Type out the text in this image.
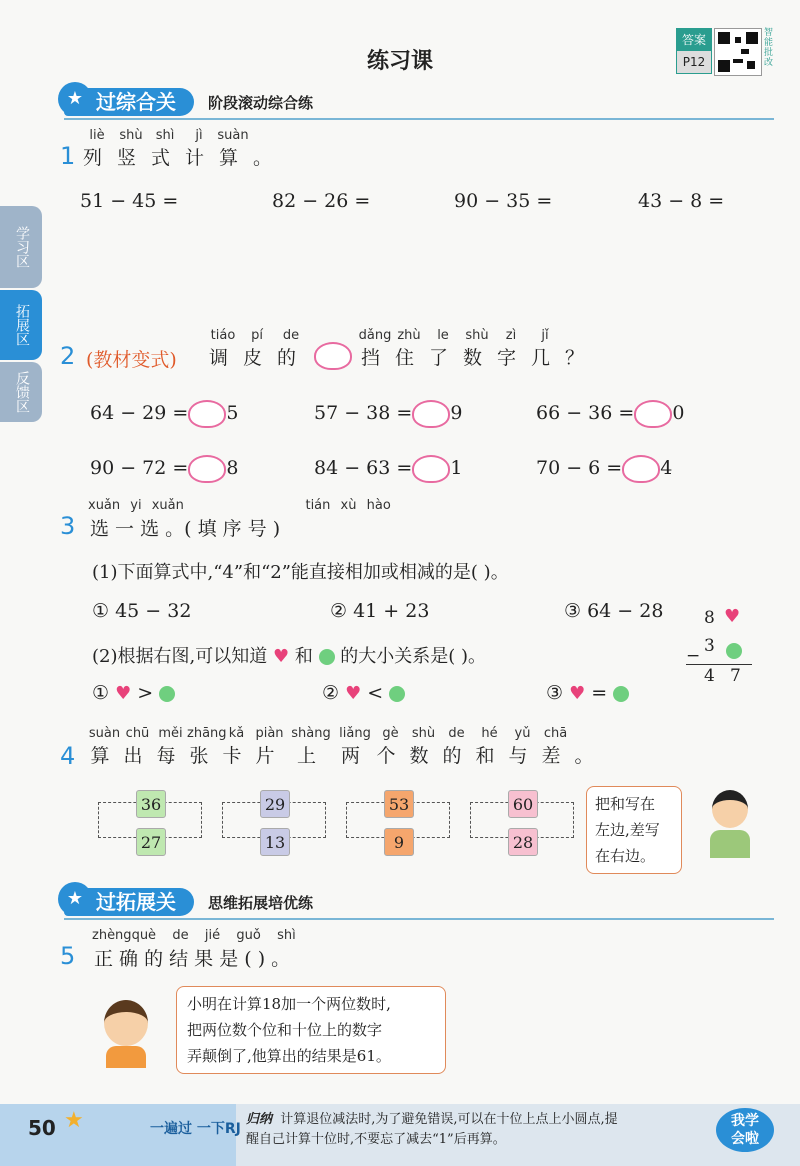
练习课
答案
P12
智能批改
学习区
拓展区
反馈区
过综合关	阶段滚动综合练
★
1
liè
列
shù
竖
shì
式
jì
计
suàn
算
。
51 − 45 =	82 − 26 =	90 − 35 =	43 − 8 =
2 (教材变式)
tiáo
调
pí
皮
de
的
dǎng
挡
zhù
住
le
了
shù
数
zì
字
jǐ
几
？
64 − 29 = 5	57 − 38 = 9	66 − 36 = 0
90 − 72 = 8	84 − 63 = 1	70 − 6 = 4
3
xuǎn yi xuǎn	tián xù hào
选 一 选 。( 填 序 号 )
(1)下面算式中,“4”和“2”能直接相加或相减的是( )。
① 45 − 32	② 41 + 23	③ 64 − 28
(2)根据右图,可以知道 ♥ 和 的大小关系是( )。
① ♥ >	② ♥ <	③ ♥ =
8 ♥
3
−
4 7
4
suàn
算
chū
出
měi
每
zhāng
张
kǎ
卡
piàn
片
shàng
上
liǎng
两
gè
个
shù
数
de
的
hé
和
yǔ
与
chā
差
。
36
27
29
13
53
9
60
28
把和写在
左边,差写
在右边。
过拓展关	思维拓展培优练
★
5
zhèngquè de jié guǒ shì
正 确 的 结 果 是 ( ) 。
小明在计算18加一个两位数时,
把两位数个位和十位上的数字
弄颠倒了,他算出的结果是61。
50 ★	一遍过 一下RJ
归纳 计算退位减法时,为了避免错误,可以在十位上点上小圆点,提
醒自己计算十位时,不要忘了减去“1”后再算。
我学
会啦
